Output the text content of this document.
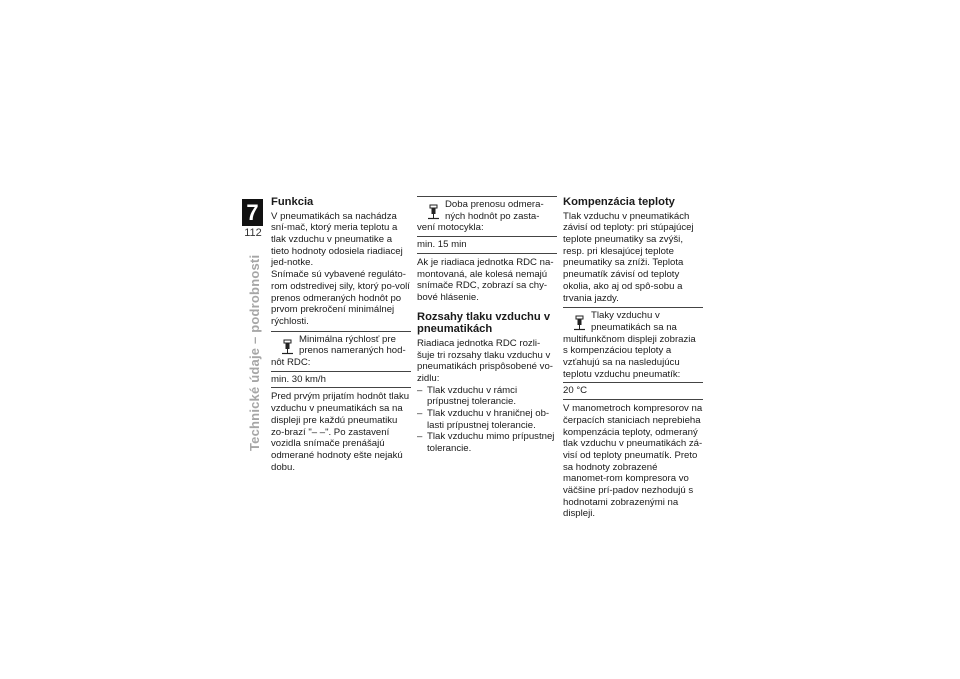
7
112
Technické údaje – podrobnosti
Funkcia

V pneumatikách sa nachádza sní-mač, ktorý meria teplotu a tlak vzduchu v pneumatike a tieto hodnoty odosiela riadiacej jed-notke.

Snímače sú vybavené reguláto-rom odstredivej sily, ktorý po-volí prenos odmeraných hodnôt po prvom prekročení minimálnej rýchlosti.

Minimálna rýchlosť pre prenos nameraných hod-
nôt RDC:
min. 30 km/h

Pred prvým prijatím hodnôt tlaku vzduchu v pneumatikách sa na displeji pre každú pneumatiku zo-brazí "– –". Po zastavení vozidla snímače prenášajú odmerané hodnoty ešte nejakú dobu.

Doba prenosu odmera-ných hodnôt po zasta-
vení motocykla:
min. 15 min

Ak je riadiaca jednotka RDC na-montovaná, ale kolesá nemajú snímače RDC, zobrazí sa chy-bové hlásenie.

Rozsahy tlaku vzduchu v pneumatikách

Riadiaca jednotka RDC rozli-šuje tri rozsahy tlaku vzduchu v pneumatikách prispôsobené vo-zidlu:

– Tlak vzduchu v rámci prípustnej tolerancie.
– Tlak vzduchu v hraničnej ob-lasti prípustnej tolerancie.
– Tlak vzduchu mimo prípustnej tolerancie.
Kompenzácia teploty

Tlak vzduchu v pneumatikách závisí od teploty: pri stúpajúcej teplote pneumatiky sa zvýši, resp. pri klesajúcej teplote pneumatiky sa zníži. Teplota pneumatík závisí od teploty okolia, ako aj od spô-sobu a trvania jazdy.

Tlaky vzduchu v pneumatikách sa na
multifunkčnom displeji zobrazia s kompenzáciou teploty a vzťahujú sa na nasledujúcu teplotu vzduchu pneumatík:
20 °C

V manometroch kompresorov na čerpacích staniciach neprebieha kompenzácia teploty, odmeraný tlak vzduchu v pneumatikách zá-visí od teploty pneumatík. Preto sa hodnoty zobrazené manomet-rom kompresora vo väčšine prí-padov nezhodujú s hodnotami zobrazenými na displeji.
